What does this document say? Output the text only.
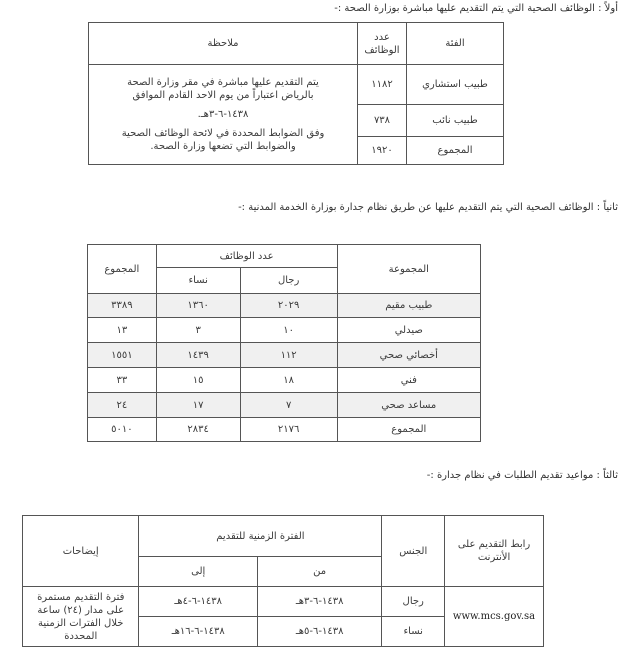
أولاً : الوظائف الصحية التي يتم التقديم عليها مباشرة بوزارة الصحة :-
الفئة	عدد الوظائف	ملاحظة
طبيب استشاري	١١٨٢	يتم التقديم عليها مباشرة في مقر وزارة الصحة
بالرياض اعتباراً من يوم الاحد القادم الموافق
١٤٣٨-٦-٣هـ.
وفق الضوابط المحددة في لائحة الوظائف الصحية
والضوابط التي تضعها وزارة الصحة.

طبيب نائب	٧٣٨	
المجموع	١٩٢٠	
ثانياً : الوظائف الصحية التي يتم التقديم عليها عن طريق نظام جدارة بوزارة الخدمة المدنية :-
المجموعة	عدد الوظائف		المجموع
	رجال	نساء	
طبيب مقيم	٢٠٢٩	١٣٦٠	٣٣٨٩
صيدلي	١٠	٣	١٣
أخصائي صحي	١١٢	١٤٣٩	١٥٥١
فني	١٨	١٥	٣٣
مساعد صحي	٧	١٧	٢٤
المجموع	٢١٧٦	٢٨٣٤	٥٠١٠
ثالثاً : مواعيد تقديم الطلبات في نظام جدارة :-
رابط التقديم على الأنترنت	الجنس	الفترة الزمنية للتقديم		إيضاحات
		من	إلى	
www.mcs.gov.sa	رجال	١٤٣٨-٦-٣هـ	١٤٣٨-٦-٤هـ	فترة التقديم مستمرة على مدار (٢٤) ساعة خلال الفترات الزمنية المحددة
	نساء	١٤٣٨-٦-٥هـ	١٤٣٨-٦-١٦هـ	
